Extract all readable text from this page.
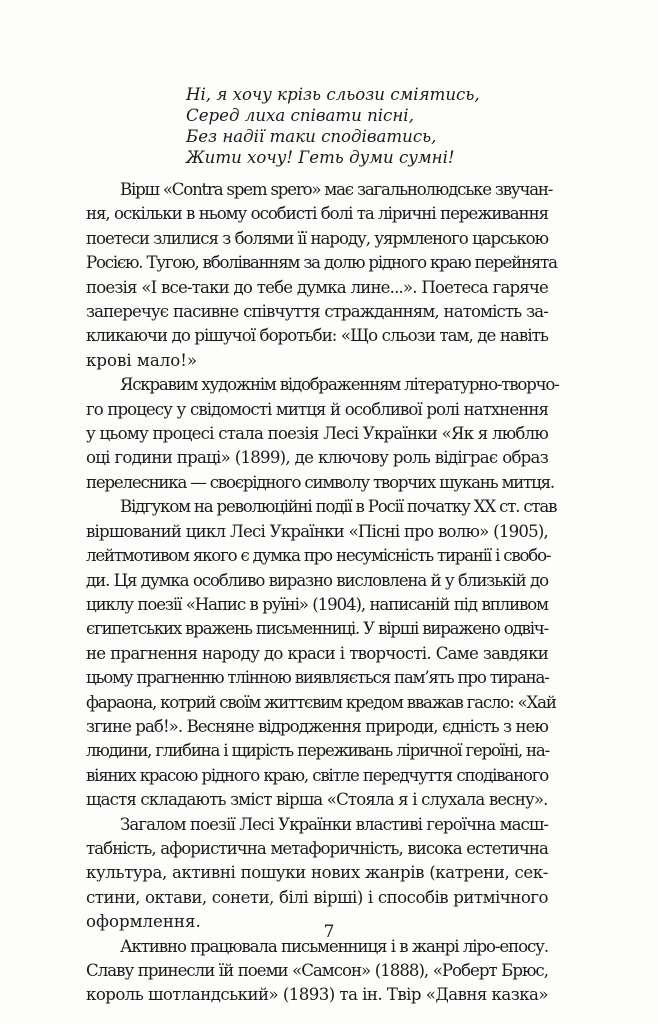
Ні, я хочу крізь сльози сміятись,
Серед лиха співати пісні,
Без надії таки сподіватись,
Жити хочу! Геть думи сумні!

Вірш «Contra spem spero» має загальнолюдське звучан-
ня, оскільки в ньому особисті болі та ліричні переживання
поетеси злилися з болями її народу, уярмленого царською
Росією. Тугою, вболіванням за долю рідного краю перейнята
поезія «І все-таки до тебе думка лине...». Поетеса гаряче
заперечує пасивне співчуття стражданням, натомість за-
кликаючи до рішучої боротьби: «Що сльози там, де навіть
крові мало!»

Яскравим художнім відображенням літературно-творчо-
го процесу у свідомості митця й особливої ролі натхнення
у цьому процесі стала поезія Лесі Українки «Як я люблю
оці години праці» (1899), де ключову роль відіграє образ
перелесника — своєрідного символу творчих шукань митця.

Відгуком на революційні події в Росії початку ХХ ст. став
віршований цикл Лесі Українки «Пісні про волю» (1905),
лейтмотивом якого є думка про несумісність тиранії і свобо-
ди. Ця думка особливо виразно висловлена й у близькій до
циклу поезії «Напис в руїні» (1904), написаній під впливом
єгипетських вражень письменниці. У вірші виражено одвіч-
не прагнення народу до краси і творчості. Саме завдяки
цьому прагненню тлінною виявляється пам’ять про тирана-
фараона, котрий своїм життєвим кредом вважав гасло: «Хай
згине раб!». Весняне відродження природи, єдність з нею
людини, глибина і щирість переживань ліричної героїні, на-
віяних красою рідного краю, світле передчуття сподіваного
щастя складають зміст вірша «Стояла я і слухала весну».

Загалом поезії Лесі Українки властиві героїчна масш-
табність, афористична метафоричність, висока естетична
культура, активні пошуки нових жанрів (катрени, сек-
стини, октави, сонети, білі вірші) і способів ритмічного
оформлення.

Активно працювала письменниця і в жанрі ліро-епосу.
Славу принесли їй поеми «Самсон» (1888), «Роберт Брюс,
король шотландський» (1893) та ін. Твір «Давня казка»

7
